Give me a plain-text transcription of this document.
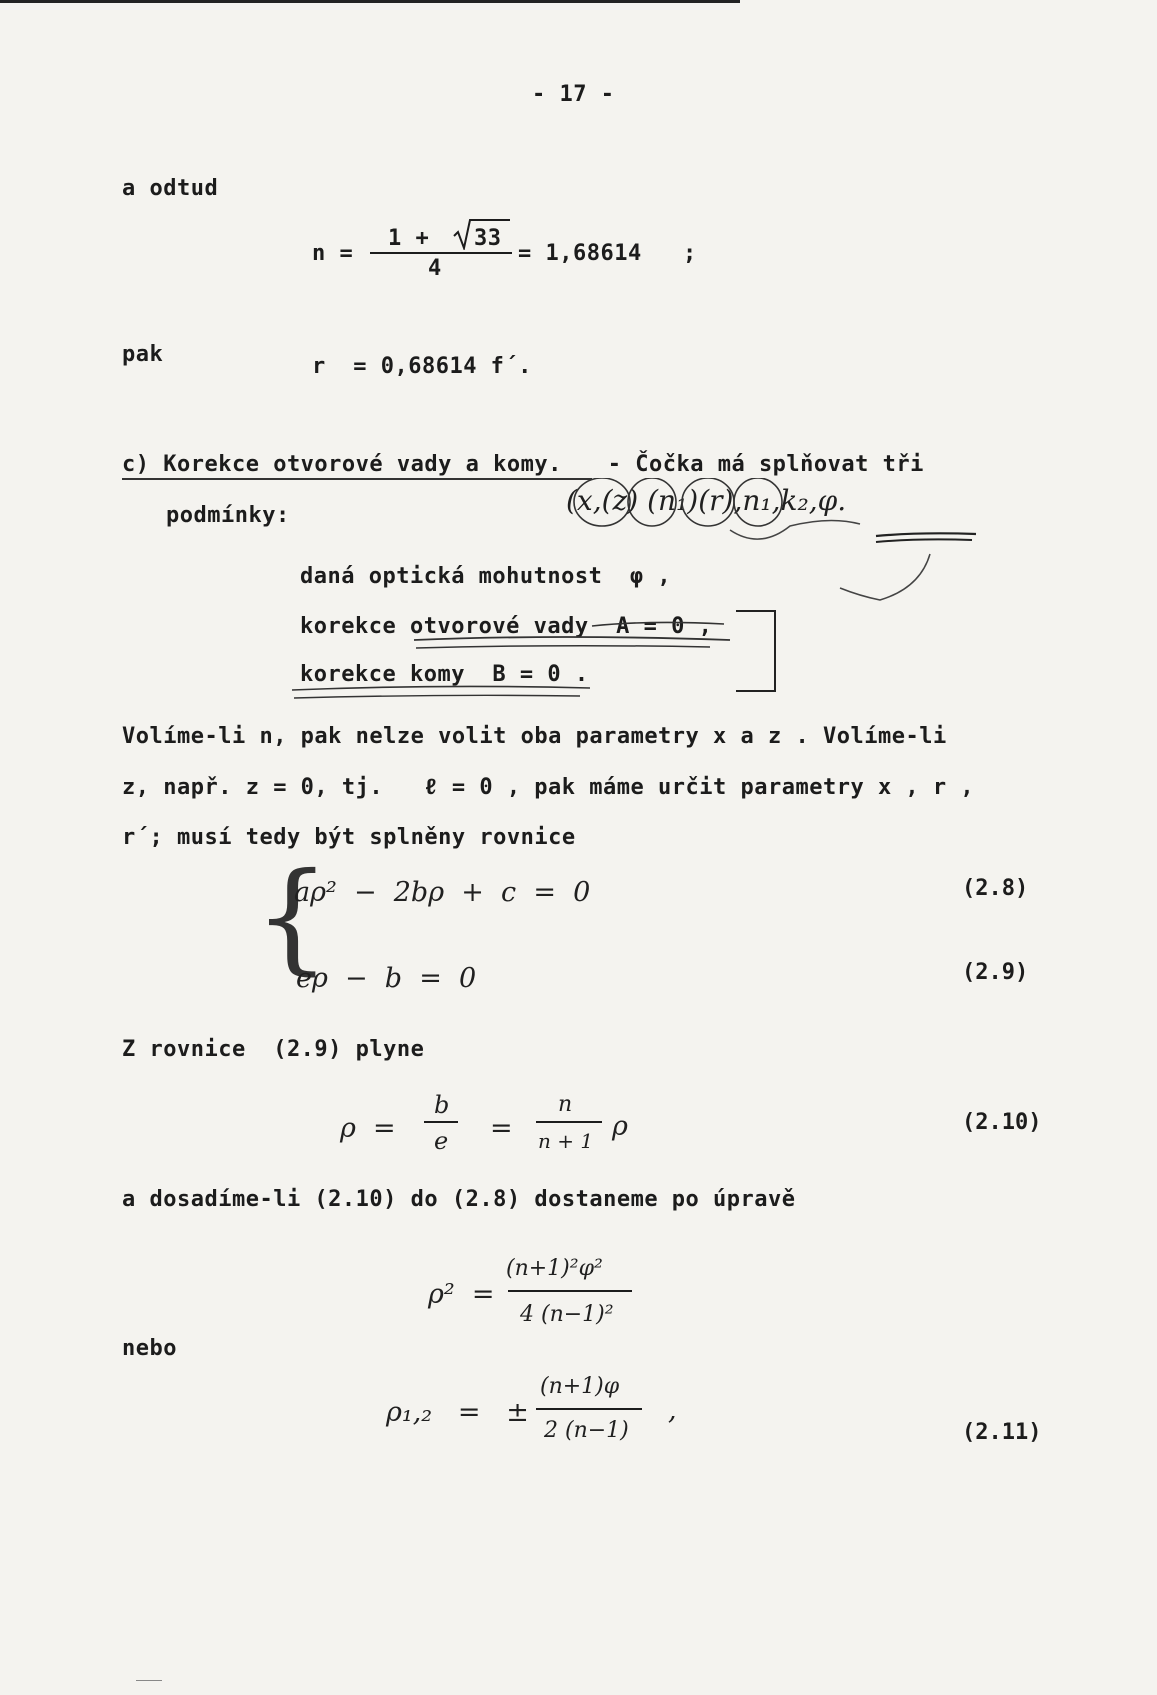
- 17 -
a odtud
n =
1 + 33
4
= 1,68614   ;
pak	r  = 0,68614 f´.
c) Korekce otvorové vady a komy. - Čočka má splňovat tři
podmínky:	(x,(z) (n₁)(r),n₁,k₂,φ.
daná optická mohutnost  φ ,
korekce otvorové vady  A = 0 ,
korekce komy  B = 0 .
Volíme-li n, pak nelze volit oba parametry x a z . Volíme-li
z, např. z = 0, tj.   ℓ = 0 , pak máme určit parametry x , r ,
r´; musí tedy být splněny rovnice
{
aρ²  −  2bρ  +  c  =  0	(2.8)
eρ  −  b  =  0	(2.9)
Z rovnice  (2.9) plyne
ρ  =
b
e =
n
n + 1 ρ	(2.10)
a dosadíme-li (2.10) do (2.8) dostaneme po úpravě
ρ²  =
(n+1)²φ²
4 (n−1)²
nebo
ρ₁,₂   =   ±
(n+1)φ
2 (n−1)
,
(2.11)
